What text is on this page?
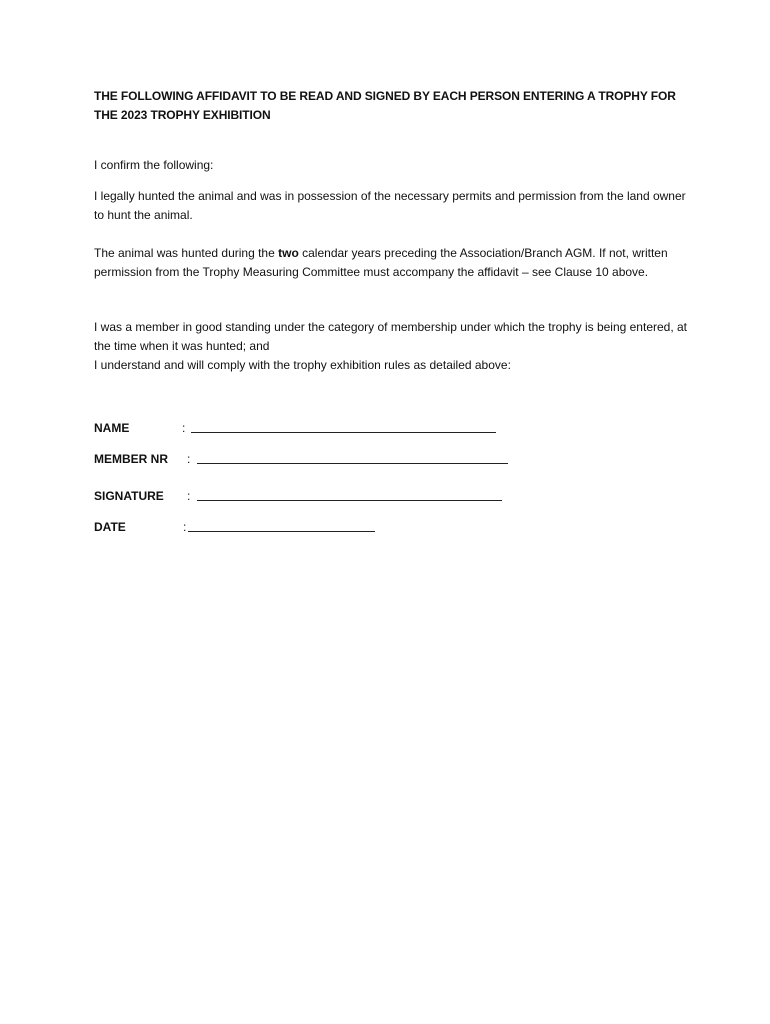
THE FOLLOWING AFFIDAVIT TO BE READ AND SIGNED BY EACH PERSON ENTERING A TROPHY FOR THE 2023 TROPHY EXHIBITION

I confirm the following:

I legally hunted the animal and was in possession of the necessary permits and permission from the land owner to hunt the animal.

The animal was hunted during the two calendar years preceding the Association/Branch AGM. If not, written permission from the Trophy Measuring Committee must accompany the affidavit – see Clause 10 above.

I was a member in good standing under the category of membership under which the trophy is being entered, at the time when it was hunted; and
I understand and will comply with the trophy exhibition rules as detailed above:

NAME	:
MEMBER NR :
SIGNATURE :
DATE	:
